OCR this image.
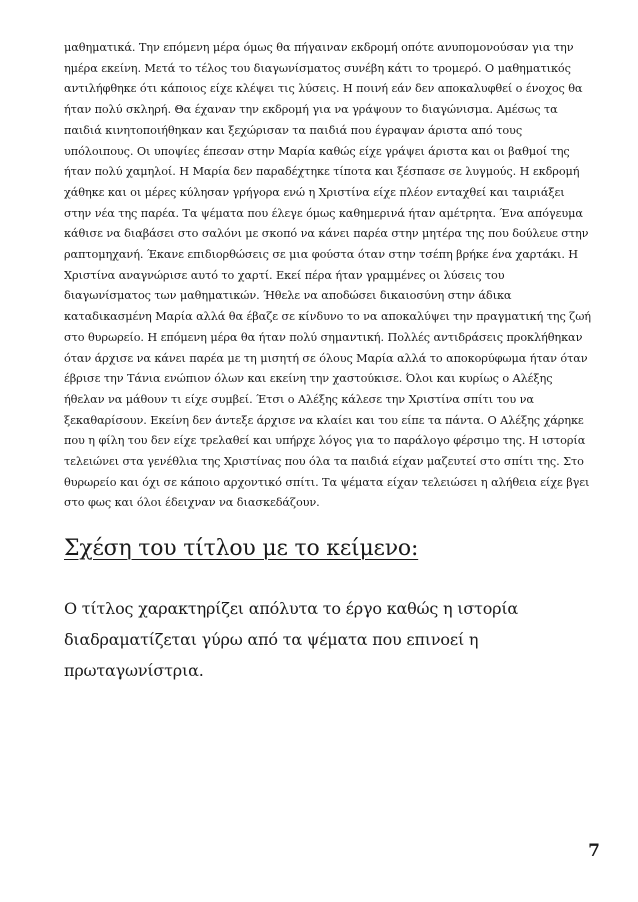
μαθηματικά. Την επόμενη μέρα όμως θα πήγαιναν εκδρομή οπότε ανυπομονούσαν για την ημέρα εκείνη. Μετά το τέλος του διαγωνίσματος συνέβη κάτι το τρομερό. Ο μαθηματικός αντιλήφθηκε ότι κάποιος είχε κλέψει τις λύσεις. Η ποινή εάν δεν αποκαλυφθεί ο ένοχος θα ήταν πολύ σκληρή. Θα έχαναν την εκδρομή για να γράψουν το διαγώνισμα. Αμέσως τα παιδιά κινητοποιήθηκαν και ξεχώρισαν τα παιδιά που έγραψαν άριστα από τους υπόλοιπους. Οι υποψίες έπεσαν στην Μαρία καθώς είχε γράψει άριστα και οι βαθμοί της ήταν πολύ χαμηλοί. Η Μαρία δεν παραδέχτηκε τίποτα και ξέσπασε σε λυγμούς. Η εκδρομή χάθηκε και οι μέρες κύλησαν γρήγορα ενώ η Χριστίνα είχε πλέον ενταχθεί και ταιριάξει στην νέα της παρέα. Τα ψέματα που έλεγε όμως καθημερινά ήταν αμέτρητα. Ένα απόγευμα κάθισε να διαβάσει στο σαλόνι με σκοπό να κάνει παρέα στην μητέρα της που δούλευε στην ραπτομηχανή. Έκανε επιδιορθώσεις σε μια φούστα όταν στην τσέπη βρήκε ένα χαρτάκι. Η Χριστίνα αναγνώρισε αυτό το χαρτί. Εκεί πέρα ήταν γραμμένες οι λύσεις του διαγωνίσματος των μαθηματικών. Ήθελε να αποδώσει δικαιοσύνη στην άδικα καταδικασμένη Μαρία αλλά θα έβαζε σε κίνδυνο το να αποκαλύψει την πραγματική της ζωή στο θυρωρείο. Η επόμενη μέρα θα ήταν πολύ σημαντική. Πολλές αντιδράσεις προκλήθηκαν όταν άρχισε να κάνει παρέα με τη μισητή σε όλους Μαρία αλλά το αποκορύφωμα ήταν όταν έβρισε την Τάνια ενώπιον όλων και εκείνη την χαστούκισε. Όλοι και κυρίως ο Αλέξης ήθελαν να μάθουν τι είχε συμβεί. Έτσι ο Αλέξης κάλεσε την Χριστίνα σπίτι του να ξεκαθαρίσουν. Εκείνη δεν άντεξε άρχισε να κλαίει και του είπε τα πάντα. Ο Αλέξης χάρηκε που η φίλη του δεν είχε τρελαθεί και υπήρχε λόγος για το παράλογο φέρσιμο της. Η ιστορία τελειώνει στα γενέθλια της Χριστίνας που όλα τα παιδιά είχαν μαζευτεί στο σπίτι της. Στο θυρωρείο και όχι σε κάποιο αρχοντικό σπίτι. Τα ψέματα είχαν τελειώσει η αλήθεια είχε βγει στο φως και όλοι έδειχναν να διασκεδάζουν.

Σχέση του τίτλου με το κείμενο:

Ο τίτλος χαρακτηρίζει απόλυτα το έργο καθώς η ιστορία διαδραματίζεται γύρω από τα ψέματα που επινοεί η πρωταγωνίστρια.

7
